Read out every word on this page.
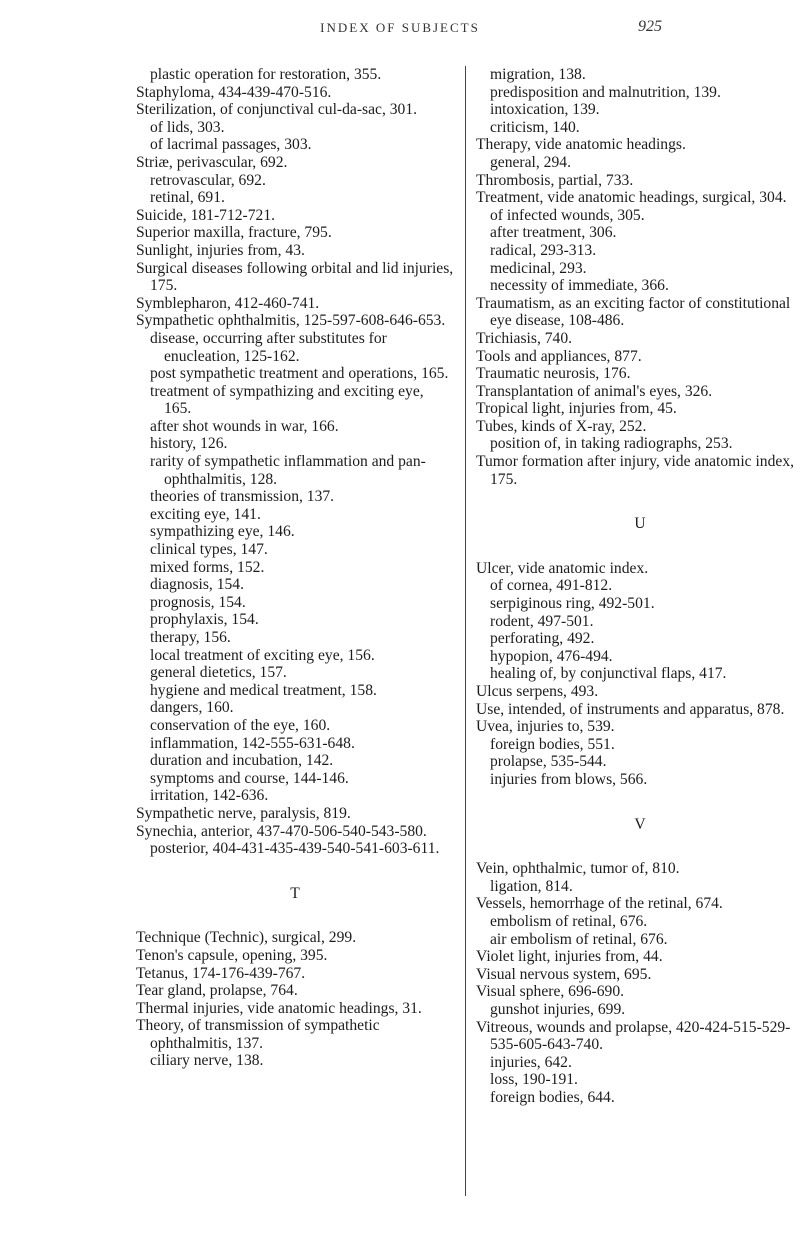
INDEX OF SUBJECTS	925

plastic operation for restoration, 355.

Staphyloma, 434-439-470-516.

Sterilization, of conjunctival cul-da-sac, 301.

of lids, 303.

of lacrimal passages, 303.

Striæ, perivascular, 692.

retrovascular, 692.

retinal, 691.

Suicide, 181-712-721.

Superior maxilla, fracture, 795.

Sunlight, injuries from, 43.

Surgical diseases following orbital and lid injuries, 175.

Symblepharon, 412-460-741.

Sympathetic ophthalmitis, 125-597-608-646-653.

disease, occurring after substitutes for enucleation, 125-162.

post sympathetic treatment and operations, 165.

treatment of sympathizing and exciting eye, 165.

after shot wounds in war, 166.

history, 126.

rarity of sympathetic inflammation and pan-ophthalmitis, 128.

theories of transmission, 137.

exciting eye, 141.

sympathizing eye, 146.

clinical types, 147.

mixed forms, 152.

diagnosis, 154.

prognosis, 154.

prophylaxis, 154.

therapy, 156.

local treatment of exciting eye, 156.

general dietetics, 157.

hygiene and medical treatment, 158.

dangers, 160.

conservation of the eye, 160.

inflammation, 142-555-631-648.

duration and incubation, 142.

symptoms and course, 144-146.

irritation, 142-636.

Sympathetic nerve, paralysis, 819.

Synechia, anterior, 437-470-506-540-543-580.

posterior, 404-431-435-439-540-541-603-611.

T

Technique (Technic), surgical, 299.

Tenon's capsule, opening, 395.

Tetanus, 174-176-439-767.

Tear gland, prolapse, 764.

Thermal injuries, vide anatomic headings, 31.

Theory, of transmission of sympathetic ophthalmitis, 137.

ciliary nerve, 138.

migration, 138.

predisposition and malnutrition, 139.

intoxication, 139.

criticism, 140.

Therapy, vide anatomic headings.

general, 294.

Thrombosis, partial, 733.

Treatment, vide anatomic headings, surgical, 304.

of infected wounds, 305.

after treatment, 306.

radical, 293-313.

medicinal, 293.

necessity of immediate, 366.

Traumatism, as an exciting factor of constitutional eye disease, 108-486.

Trichiasis, 740.

Tools and appliances, 877.

Traumatic neurosis, 176.

Transplantation of animal's eyes, 326.

Tropical light, injuries from, 45.

Tubes, kinds of X-ray, 252.

position of, in taking radiographs, 253.

Tumor formation after injury, vide anatomic index, 175.

U

Ulcer, vide anatomic index.

of cornea, 491-812.

serpiginous ring, 492-501.

rodent, 497-501.

perforating, 492.

hypopion, 476-494.

healing of, by conjunctival flaps, 417.

Ulcus serpens, 493.

Use, intended, of instruments and apparatus, 878.

Uvea, injuries to, 539.

foreign bodies, 551.

prolapse, 535-544.

injuries from blows, 566.

V

Vein, ophthalmic, tumor of, 810.

ligation, 814.

Vessels, hemorrhage of the retinal, 674.

embolism of retinal, 676.

air embolism of retinal, 676.

Violet light, injuries from, 44.

Visual nervous system, 695.

Visual sphere, 696-690.

gunshot injuries, 699.

Vitreous, wounds and prolapse, 420-424-515-529-535-605-643-740.

injuries, 642.

loss, 190-191.

foreign bodies, 644.
